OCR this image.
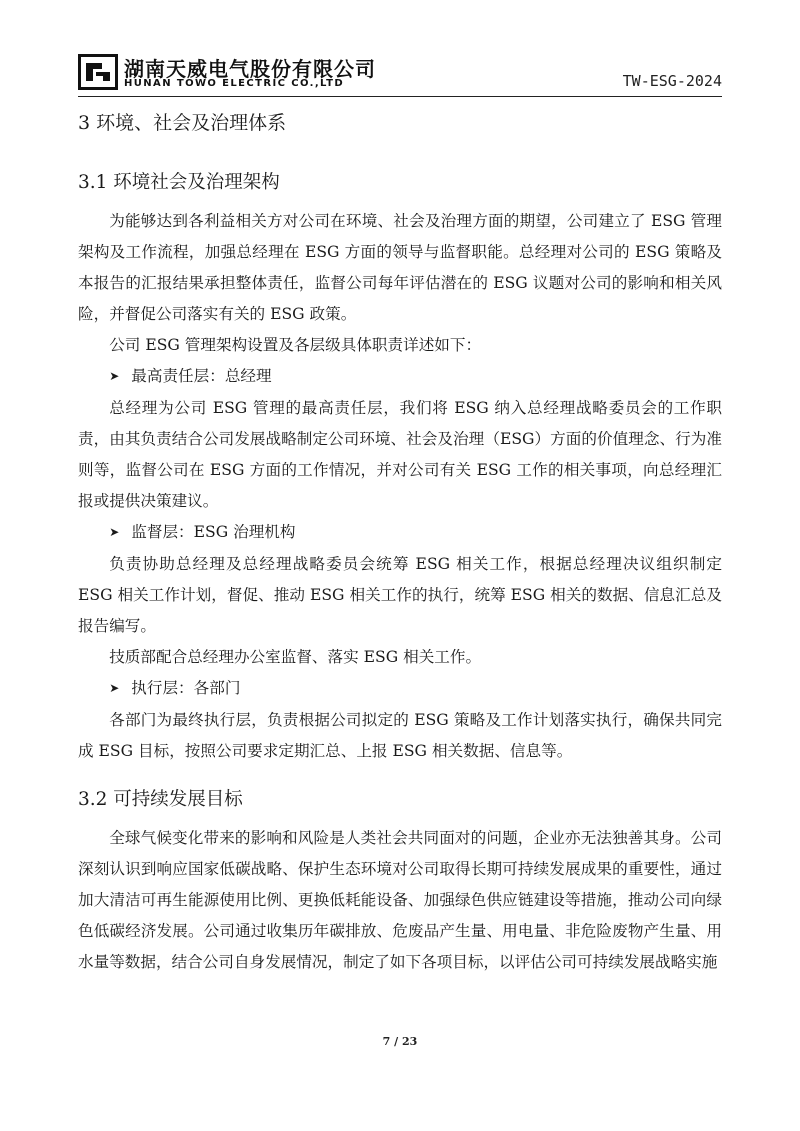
湖南天威电气股份有限公司
HUNAN TOWO ELECTRIC CO.,LTD	TW-ESG-2024
3 环境、社会及治理体系
3.1 环境社会及治理架构

为能够达到各利益相关方对公司在环境、社会及治理方面的期望，公司建立了 ESG 管理架构及工作流程，加强总经理在 ESG 方面的领导与监督职能。总经理对公司的 ESG 策略及本报告的汇报结果承担整体责任，监督公司每年评估潜在的 ESG 议题对公司的影响和相关风险，并督促公司落实有关的 ESG 政策。

公司 ESG 管理架构设置及各层级具体职责详述如下：

➤ 最高责任层：总经理

总经理为公司 ESG 管理的最高责任层，我们将 ESG 纳入总经理战略委员会的工作职责，由其负责结合公司发展战略制定公司环境、社会及治理（ESG）方面的价值理念、行为准则等，监督公司在 ESG 方面的工作情况，并对公司有关 ESG 工作的相关事项，向总经理汇报或提供决策建议。

➤ 监督层：ESG 治理机构

负责协助总经理及总经理战略委员会统筹 ESG 相关工作，根据总经理决议组织制定 ESG 相关工作计划，督促、推动 ESG 相关工作的执行，统筹 ESG 相关的数据、信息汇总及报告编写。

技质部配合总经理办公室监督、落实 ESG 相关工作。

➤ 执行层：各部门

各部门为最终执行层，负责根据公司拟定的 ESG 策略及工作计划落实执行，确保共同完成 ESG 目标，按照公司要求定期汇总、上报 ESG 相关数据、信息等。

3.2 可持续发展目标

全球气候变化带来的影响和风险是人类社会共同面对的问题，企业亦无法独善其身。公司深刻认识到响应国家低碳战略、保护生态环境对公司取得长期可持续发展成果的重要性，通过加大清洁可再生能源使用比例、更换低耗能设备、加强绿色供应链建设等措施，推动公司向绿色低碳经济发展。公司通过收集历年碳排放、危废品产生量、用电量、非危险废物产生量、用水量等数据，结合公司自身发展情况，制定了如下各项目标，以评估公司可持续发展战略实施

7 / 23
